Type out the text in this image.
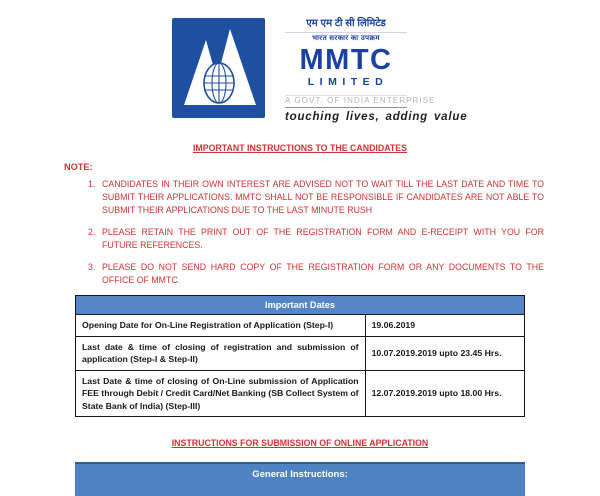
एम एम टी सी लिमिटेड
भारत सरकार का उपक्रम
MMTC
LIMITED
A GOVT. OF INDIA ENTERPRISE
touching lives, adding value
IMPORTANT INSTRUCTIONS TO THE CANDIDATES
NOTE:
1. CANDIDATES IN THEIR OWN INTEREST ARE ADVISED NOT TO WAIT TILL THE LAST DATE AND TIME TO SUBMIT THEIR APPLICATIONS. MMTC SHALL NOT BE RESPONSIBLE IF CANDIDATES ARE NOT ABLE TO SUBMIT THEIR APPLICATIONS DUE TO THE LAST MINUTE RUSH
2. PLEASE RETAIN THE PRINT OUT OF THE REGISTRATION FORM AND E-RECEIPT WITH YOU FOR FUTURE REFERENCES.
3. PLEASE DO NOT SEND HARD COPY OF THE REGISTRATION FORM OR ANY DOCUMENTS TO THE OFFICE OF MMTC.
Important Dates	
Opening Date for On-Line Registration of Application (Step-I)	19.06.2019
Last date & time of closing of registration and submission of application (Step-I & Step-II)	10.07.2019.2019 upto 23.45 Hrs.
Last Date & time of closing of On-Line submission of Application FEE through Debit / Credit Card/Net Banking (SB Collect System of State Bank of India) (Step-III)	12.07.2019.2019 upto 18.00 Hrs.
INSTRUCTIONS FOR SUBMISSION OF ONLINE APPLICATION
General Instructions:
